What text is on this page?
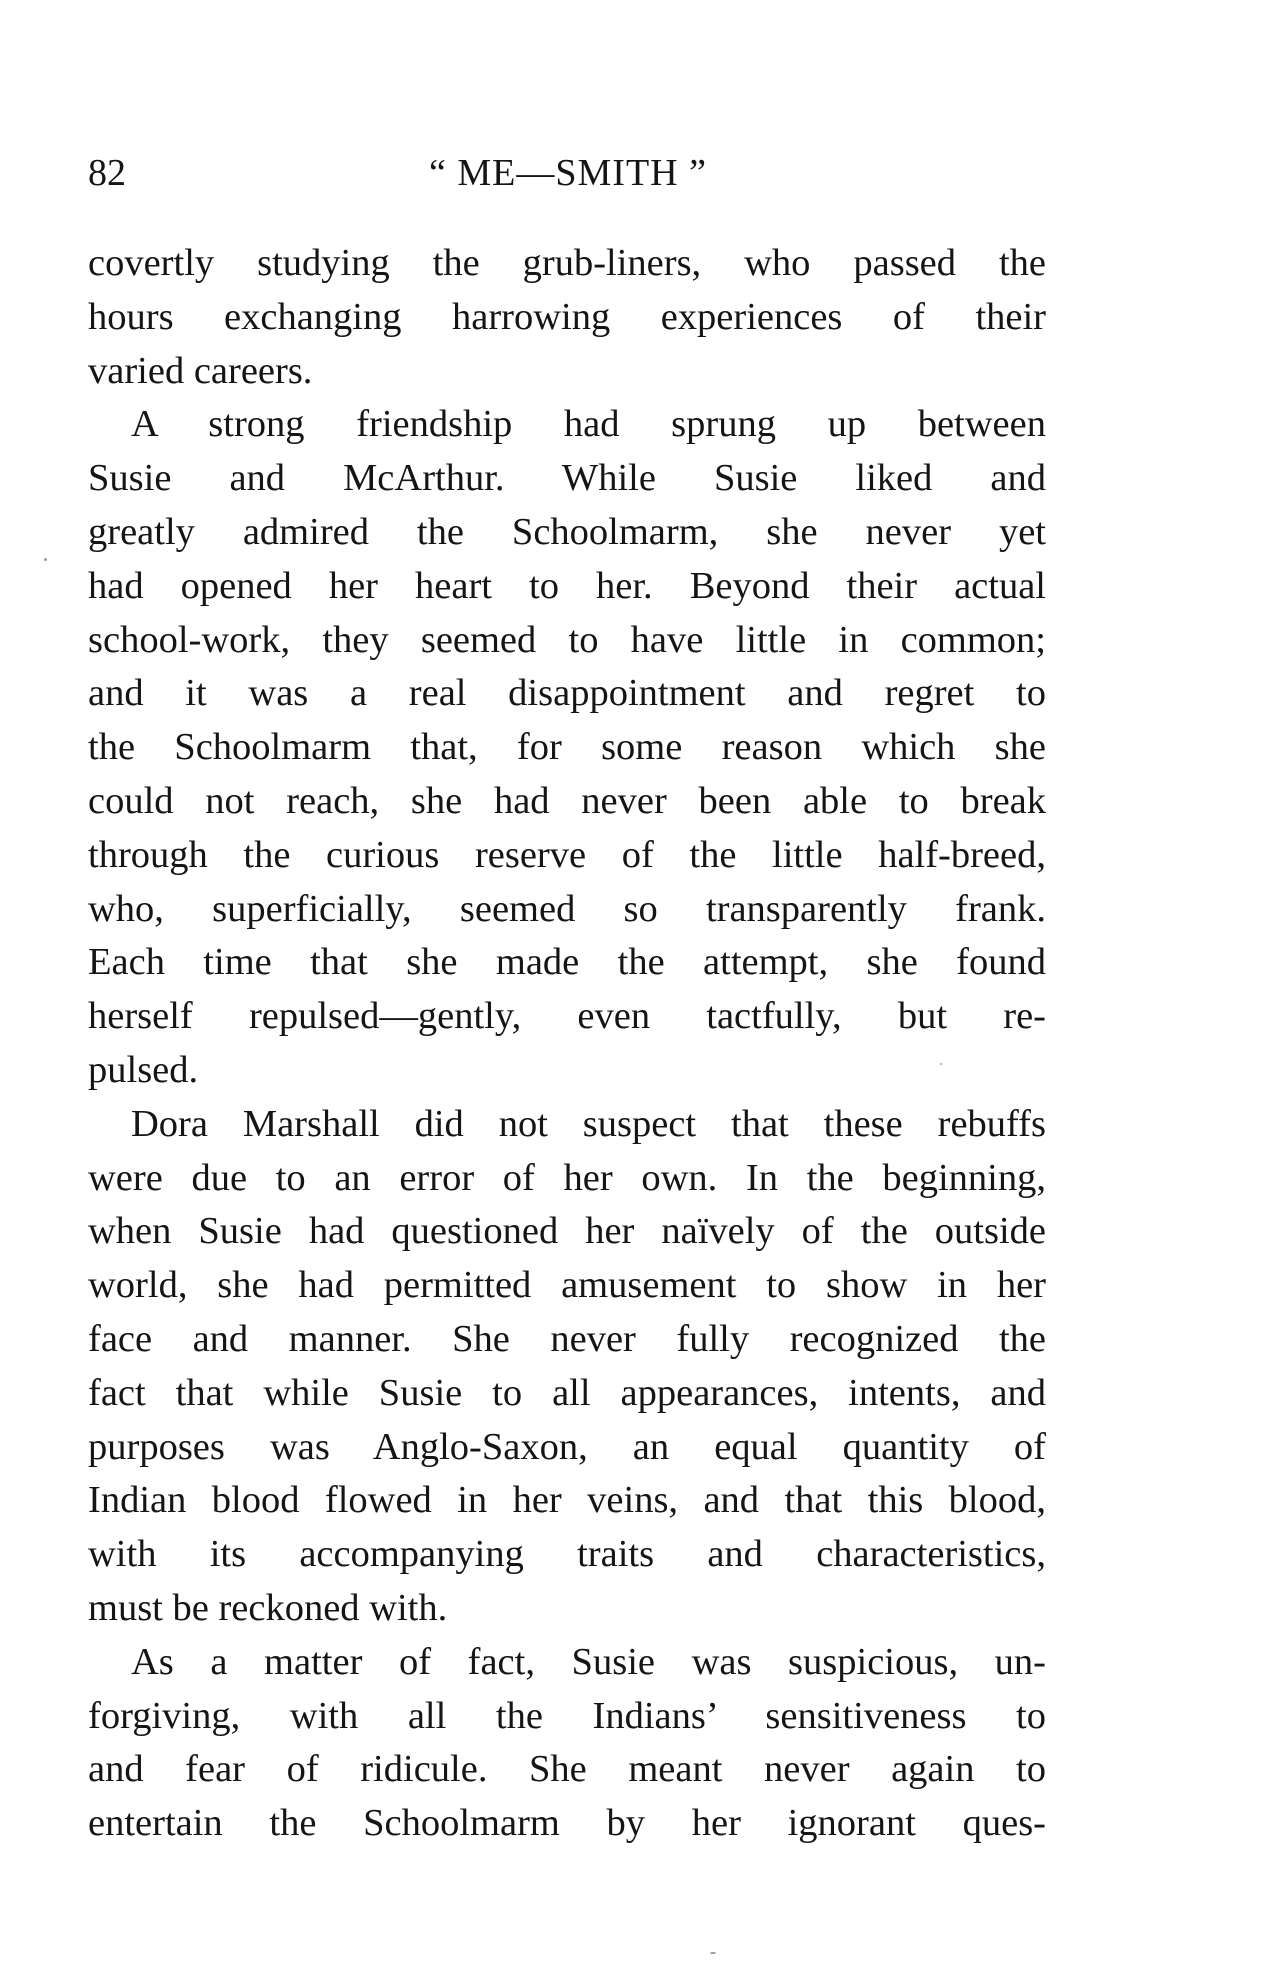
82	“ ME—SMITH ”
covertly studying the grub-liners, who passed the
hours exchanging harrowing experiences of their
varied careers.
A strong friendship had sprung up between
Susie and McArthur. While Susie liked and
greatly admired the Schoolmarm, she never yet
had opened her heart to her. Beyond their actual
school-work, they seemed to have little in common;
and it was a real disappointment and regret to
the Schoolmarm that, for some reason which she
could not reach, she had never been able to break
through the curious reserve of the little half-breed,
who, superficially, seemed so transparently frank.
Each time that she made the attempt, she found
herself repulsed—gently, even tactfully, but re-
pulsed.
Dora Marshall did not suspect that these rebuffs
were due to an error of her own. In the beginning,
when Susie had questioned her naïvely of the outside
world, she had permitted amusement to show in her
face and manner. She never fully recognized the
fact that while Susie to all appearances, intents, and
purposes was Anglo-Saxon, an equal quantity of
Indian blood flowed in her veins, and that this blood,
with its accompanying traits and characteristics,
must be reckoned with.
As a matter of fact, Susie was suspicious, un-
forgiving, with all the Indians’ sensitiveness to
and fear of ridicule. She meant never again to
entertain the Schoolmarm by her ignorant ques-
